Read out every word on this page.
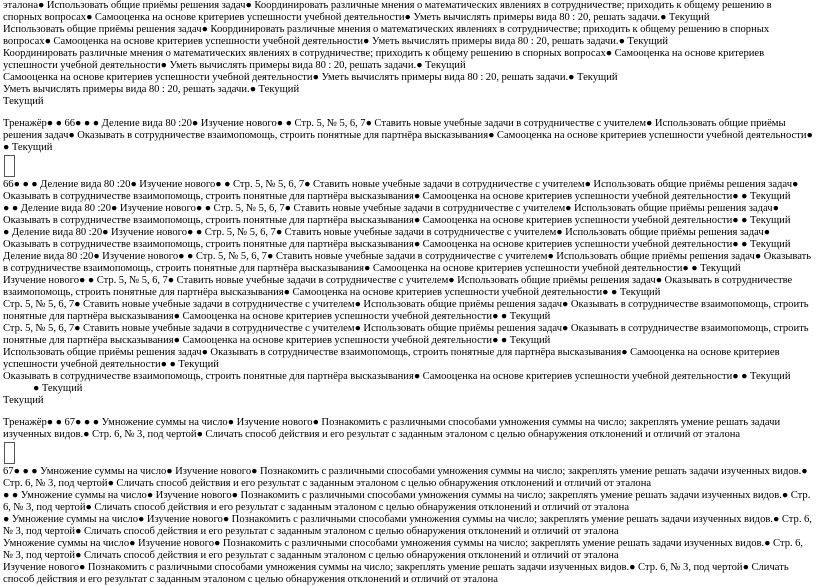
эталона● Использовать общие приёмы решения задач● Координировать различные мнения о математических явлениях в сотрудничестве; приходить к общему решению в спорных вопросах● Самооценка на основе критериев успешности учебной деятельности● Уметь вычислять примеры вида 80 : 20, решать задачи.● Текущий
Использовать общие приёмы решения задач● Координировать различные мнения о математических явлениях в сотрудничестве; приходить к общему решению в спорных вопросах● Самооценка на основе критериев успешности учебной деятельности● Уметь вычислять примеры вида 80 : 20, решать задачи.● Текущий
Координировать различные мнения о математических явлениях в сотрудничестве; приходить к общему решению в спорных вопросах● Самооценка на основе критериев успешности учебной деятельности● Уметь вычислять примеры вида 80 : 20, решать задачи.● Текущий
Самооценка на основе критериев успешности учебной деятельности● Уметь вычислять примеры вида 80 : 20, решать задачи.● Текущий
Уметь вычислять примеры вида 80 : 20, решать задачи.● Текущий
Текущий
Тренажёр● ● 66● ● ● Деление вида 80 :20● Изучение нового● ● Стр. 5, № 5, 6, 7● Ставить новые учебные задачи в сотрудничестве с учителем● Использовать общие приёмы решения задач● Оказывать в сотрудничестве взаимопомощь, строить понятные для партнёра высказывания● Самооценка на основе критериев успешности учебной деятельности● ● Текущий
66● ● ● Деление вида 80 :20● Изучение нового● ● Стр. 5, № 5, 6, 7● Ставить новые учебные задачи в сотрудничестве с учителем● Использовать общие приёмы решения задач● Оказывать в сотрудничестве взаимопомощь, строить понятные для партнёра высказывания● Самооценка на основе критериев успешности учебной деятельности● ● Текущий
● ● Деление вида 80 :20● Изучение нового● ● Стр. 5, № 5, 6, 7● Ставить новые учебные задачи в сотрудничестве с учителем● Использовать общие приёмы решения задач● Оказывать в сотрудничестве взаимопомощь, строить понятные для партнёра высказывания● Самооценка на основе критериев успешности учебной деятельности● ● Текущий
● Деление вида 80 :20● Изучение нового● ● Стр. 5, № 5, 6, 7● Ставить новые учебные задачи в сотрудничестве с учителем● Использовать общие приёмы решения задач● Оказывать в сотрудничестве взаимопомощь, строить понятные для партнёра высказывания● Самооценка на основе критериев успешности учебной деятельности● ● Текущий
Деление вида 80 :20● Изучение нового● ● Стр. 5, № 5, 6, 7● Ставить новые учебные задачи в сотрудничестве с учителем● Использовать общие приёмы решения задач● Оказывать в сотрудничестве взаимопомощь, строить понятные для партнёра высказывания● Самооценка на основе критериев успешности учебной деятельности● ● Текущий
Изучение нового● ● Стр. 5, № 5, 6, 7● Ставить новые учебные задачи в сотрудничестве с учителем● Использовать общие приёмы решения задач● Оказывать в сотрудничестве взаимопомощь, строить понятные для партнёра высказывания● Самооценка на основе критериев успешности учебной деятельности● ● Текущий
Стр. 5, № 5, 6, 7● Ставить новые учебные задачи в сотрудничестве с учителем● Использовать общие приёмы решения задач● Оказывать в сотрудничестве взаимопомощь, строить понятные для партнёра высказывания● Самооценка на основе критериев успешности учебной деятельности● ● Текущий
Стр. 5, № 5, 6, 7● Ставить новые учебные задачи в сотрудничестве с учителем● Использовать общие приёмы решения задач● Оказывать в сотрудничестве взаимопомощь, строить понятные для партнёра высказывания● Самооценка на основе критериев успешности учебной деятельности● ● Текущий
Использовать общие приёмы решения задач● Оказывать в сотрудничестве взаимопомощь, строить понятные для партнёра высказывания● Самооценка на основе критериев успешности учебной деятельности● ● Текущий
Оказывать в сотрудничестве взаимопомощь, строить понятные для партнёра высказывания● Самооценка на основе критериев успешности учебной деятельности● ● Текущий
● Текущий
Текущий
Тренажёр● ● 67● ● ● Умножение суммы на число● Изучение нового● Познакомить с различными способами умножения суммы на число; закреплять умение решать задачи изученных видов.● Стр. 6, № 3, под чертой● Сличать способ действия и его результат с заданным эталоном с целью обнаружения отклонений и отличий от эталона
67● ● ● Умножение суммы на число● Изучение нового● Познакомить с различными способами умножения суммы на число; закреплять умение решать задачи изученных видов.● Стр. 6, № 3, под чертой● Сличать способ действия и его результат с заданным эталоном с целью обнаружения отклонений и отличий от эталона
● ● Умножение суммы на число● Изучение нового● Познакомить с различными способами умножения суммы на число; закреплять умение решать задачи изученных видов.● Стр. 6, № 3, под чертой● Сличать способ действия и его результат с заданным эталоном с целью обнаружения отклонений и отличий от эталона
● Умножение суммы на число● Изучение нового● Познакомить с различными способами умножения суммы на число; закреплять умение решать задачи изученных видов.● Стр. 6, № 3, под чертой● Сличать способ действия и его результат с заданным эталоном с целью обнаружения отклонений и отличий от эталона
Умножение суммы на число● Изучение нового● Познакомить с различными способами умножения суммы на число; закреплять умение решать задачи изученных видов.● Стр. 6, № 3, под чертой● Сличать способ действия и его результат с заданным эталоном с целью обнаружения отклонений и отличий от эталона
Изучение нового● Познакомить с различными способами умножения суммы на число; закреплять умение решать задачи изученных видов.● Стр. 6, № 3, под чертой● Сличать способ действия и его результат с заданным эталоном с целью обнаружения отклонений и отличий от эталона
